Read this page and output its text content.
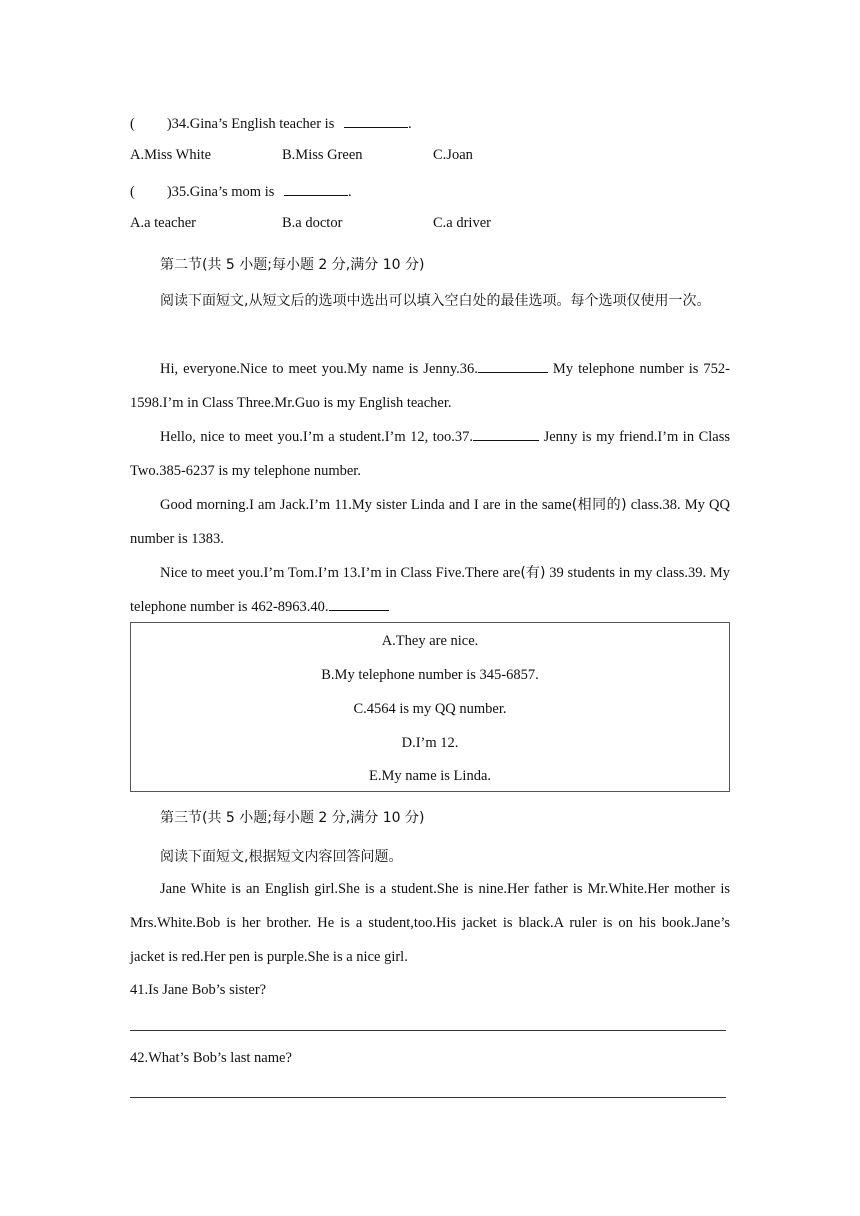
( )34.Gina’s English teacher is	.
A.Miss White	B.Miss Green	C.Joan
( )35.Gina’s mom is	.
A.a teacher	B.a doctor	C.a driver
第二节(共 5 小题;每小题 2 分,满分 10 分)
阅读下面短文,从短文后的选项中选出可以填入空白处的最佳选项。每个选项仅使用一次。
Hi, everyone.Nice to meet you.My name is Jenny.36.	My telephone number is 752-1598.I’m in Class Three.Mr.Guo is my English teacher.
Hello, nice to meet you.I’m a student.I’m 12, too.37.	Jenny is my friend.I’m in Class Two.385-6237 is my telephone number.
Good morning.I am Jack.I’m 11.My sister Linda and I are in the same(相同的) class.38. My QQ number is 1383.
Nice to meet you.I’m Tom.I’m 13.I’m in Class Five.There are(有) 39 students in my class.39. My telephone number is 462-8963.40.
A.They are nice.
B.My telephone number is 345-6857.
C.4564 is my QQ number.
D.I’m 12.
E.My name is Linda.
第三节(共 5 小题;每小题 2 分,满分 10 分)
阅读下面短文,根据短文内容回答问题。
Jane White is an English girl.She is a student.She is nine.Her father is Mr.White.Her mother is Mrs.White.Bob is her brother. He is a student,too.His jacket is black.A ruler is on his book.Jane’s jacket is red.Her pen is purple.She is a nice girl.
41.Is Jane Bob’s sister?
42.What’s Bob’s last name?
